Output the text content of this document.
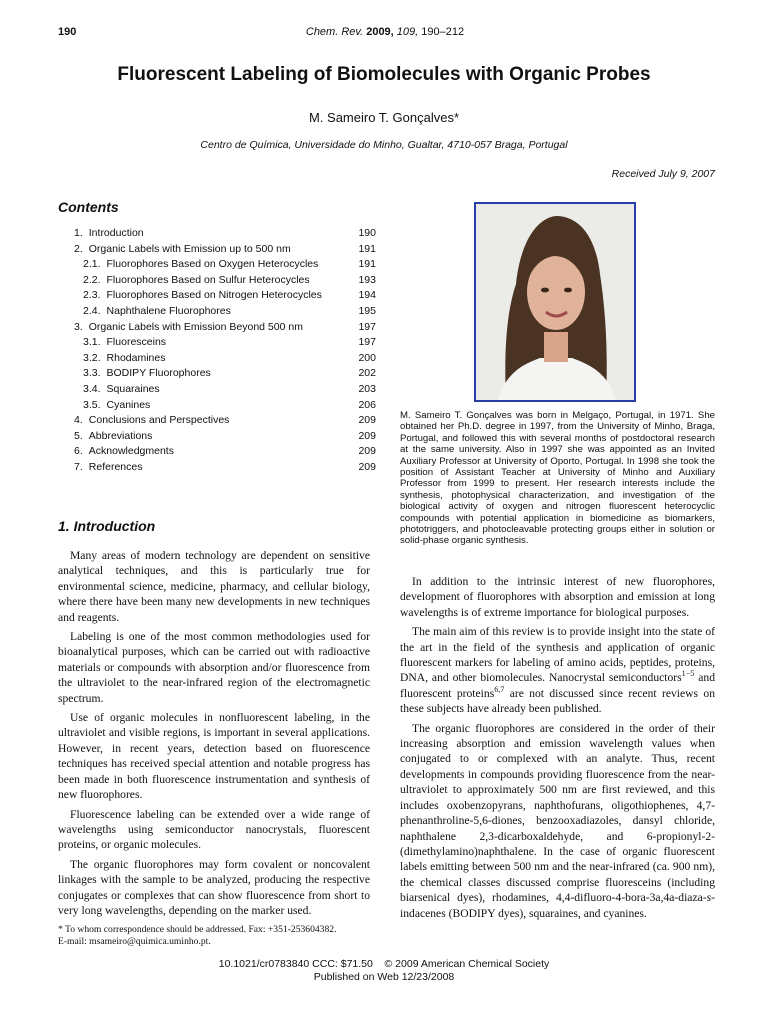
190	Chem. Rev. 2009, 109, 190–212
Fluorescent Labeling of Biomolecules with Organic Probes
M. Sameiro T. Gonçalves*
Centro de Química, Universidade do Minho, Gualtar, 4710-057 Braga, Portugal
Received July 9, 2007
Contents
1. Introduction	190
2. Organic Labels with Emission up to 500 nm	191
2.1. Fluorophores Based on Oxygen Heterocycles	191
2.2. Fluorophores Based on Sulfur Heterocycles	193
2.3. Fluorophores Based on Nitrogen Heterocycles	194
2.4. Naphthalene Fluorophores	195
3. Organic Labels with Emission Beyond 500 nm	197
3.1. Fluoresceins	197
3.2. Rhodamines	200
3.3. BODIPY Fluorophores	202
3.4. Squaraines	203
3.5. Cyanines	206
4. Conclusions and Perspectives	209
5. Abbreviations	209
6. Acknowledgments	209
7. References	209
1. Introduction

Many areas of modern technology are dependent on sensitive analytical techniques, and this is particularly true for environmental science, medicine, pharmacy, and cellular biology, where there have been many new developments in new techniques and reagents.

Labeling is one of the most common methodologies used for bioanalytical purposes, which can be carried out with radioactive materials or compounds with absorption and/or fluorescence from the ultraviolet to the near-infrared region of the electromagnetic spectrum.

Use of organic molecules in nonfluorescent labeling, in the ultraviolet and visible regions, is important in several applications. However, in recent years, detection based on fluorescence techniques has received special attention and notable progress has been made in both fluorescence instrumentation and synthesis of new fluorophores.

Fluorescence labeling can be extended over a wide range of wavelengths using semiconductor nanocrystals, fluorescent proteins, or organic molecules.

The organic fluorophores may form covalent or noncovalent linkages with the sample to be analyzed, producing the respective conjugates or complexes that can show fluorescence from short to very long wavelengths, depending on the marker used.

M. Sameiro T. Gonçalves was born in Melgaço, Portugal, in 1971. She obtained her Ph.D. degree in 1997, from the University of Minho, Braga, Portugal, and followed this with several months of postdoctoral research at the same university. Also in 1997 she was appointed as an Invited Auxiliary Professor at University of Oporto, Portugal. In 1998 she took the position of Assistant Teacher at University of Minho and Auxiliary Professor from 1999 to present. Her research interests include the synthesis, photophysical characterization, and investigation of the biological activity of oxygen and nitrogen fluorescent heterocyclic compounds with potential application in biomedicine as biomarkers, phototriggers, and photocleavable protecting groups either in solution or solid-phase organic synthesis.

In addition to the intrinsic interest of new fluorophores, development of fluorophores with absorption and emission at long wavelengths is of extreme importance for biological purposes.

The main aim of this review is to provide insight into the state of the art in the field of the synthesis and application of organic fluorescent markers for labeling of amino acids, peptides, proteins, DNA, and other biomolecules. Nanocrystal semiconductors$^{1-5}$ and fluorescent proteins$^{6,7}$ are not discussed since recent reviews on these subjects have already been published.

The organic fluorophores are considered in the order of their increasing absorption and emission wavelength values when conjugated to or complexed with an analyte. Thus, recent developments in compounds providing fluorescence from the near-ultraviolet to approximately 500 nm are first reviewed, and this includes oxobenzopyrans, naphthofurans, oligothiophenes, 4,7-phenanthroline-5,6-diones, benzooxadiazoles, dansyl chloride, naphthalene 2,3-dicarboxaldehyde, and 6-propionyl-2-(dimethylamino)naphthalene. In the case of organic fluorescent labels emitting between 500 nm and the near-infrared (ca. 900 nm), the chemical classes discussed comprise fluoresceins (including biarsenical dyes), rhodamines, 4,4-difluoro-4-bora-3a,4a-diaza-s-indacenes (BODIPY dyes), squaraines, and cyanines.

* To whom correspondence should be addressed. Fax: +351-253604382.
E-mail: msameiro@quimica.uminho.pt.
10.1021/cr0783840 CCC: $71.50 © 2009 American Chemical Society
Published on Web 12/23/2008
